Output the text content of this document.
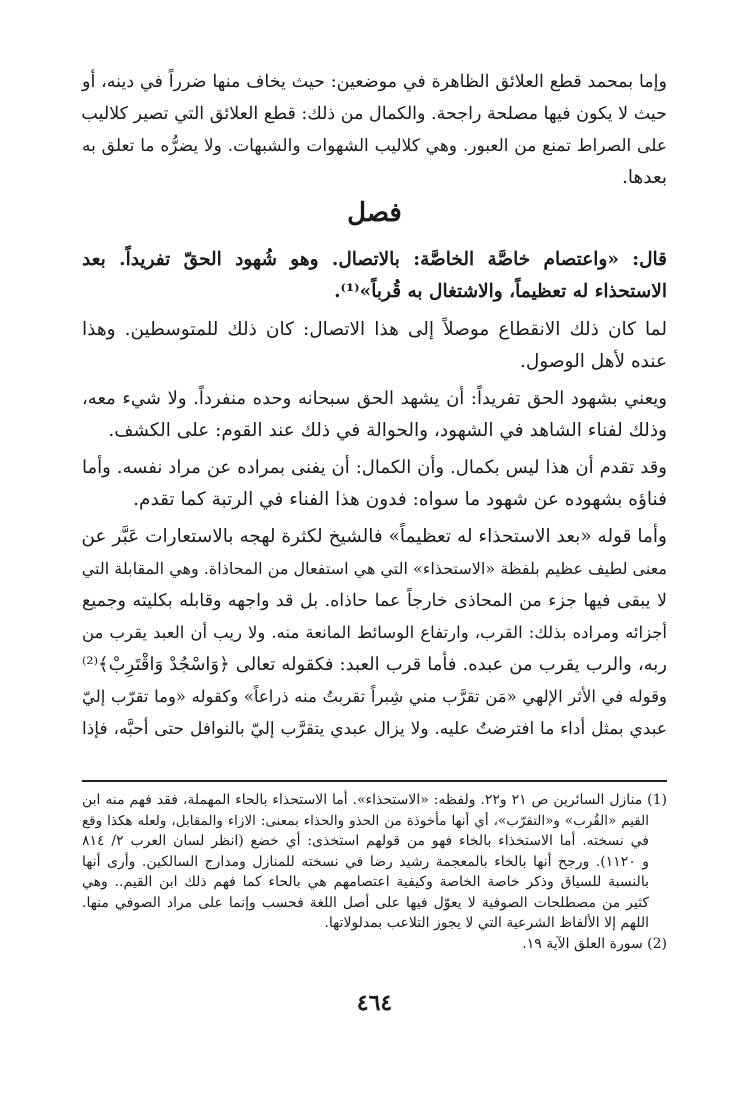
وإما بمحمد قطع العلائق الظاهرة في موضعين: حيث يخاف منها ضرراً في دينه، أو
حيث لا يكون فيها مصلحة راجحة. والكمال من ذلك: قطع العلائق التي تصير كلاليب
على الصراط تمنع من العبور. وهي كلاليب الشهوات والشبهات. ولا يضرُّه ما تعلق به
بعدها.
فصل
قال: «واعتصام خاصَّة الخاصَّة: بالاتصال. وهو شُهود الحقّ تفريداً. بعد
الاستحذاء له تعظيماً، والاشتغال به قُرباً»⁽¹⁾.
لما كان ذلك الانقطاع موصلاً إلى هذا الاتصال: كان ذلك للمتوسطين. وهذا
عنده لأهل الوصول.
ويعني بشهود الحق تفريداً: أن يشهد الحق سبحانه وحده منفرداً. ولا شيء معه،
وذلك لفناء الشاهد في الشهود، والحوالة في ذلك عند القوم: على الكشف.
وقد تقدم أن هذا ليس بكمال. وأن الكمال: أن يفنى بمراده عن مراد نفسه. وأما
فناؤه بشهوده عن شهود ما سواه: فدون هذا الفناء في الرتبة كما تقدم.
وأما قوله «بعد الاستحذاء له تعظيماً» فالشيخ لكثرة لهجه بالاستعارات عَبَّر عن
معنى لطيف عظيم بلفظة «الاستحذاء» التي هي استفعال من المحاذاة. وهي المقابلة التي
لا يبقى فيها جزء من المحاذى خارجاً عما حاذاه. بل قد واجهه وقابله بكليته وجميع
أجزائه ومراده بذلك: القرب، وارتفاع الوسائط المانعة منه. ولا ريب أن العبد يقرب من
ربه، والرب يقرب من عبده. فأما قرب العبد: فكقوله تعالى ﴿وَاسْجُدْ وَاقْتَرِبْ﴾⁽²⁾
وقوله في الأثر الإلهي «مَن تقرَّب مني شِبراً تقربتُ منه ذراعاً» وكقوله «وما تقرّب إليّ
عبدي بمثل أداء ما افترضتُ عليه. ولا يزال عبدي يتقرَّب إليّ بالنوافل حتى أحبَّه، فإذا
(1) منازل السائرين ص ٢١ و٢٢. ولفظه: «الاستحذاء». أما الاستحذاء بالحاء المهملة، فقد فهم منه ابن
القيم «القُرب» و«التقرّب»، أي أنها مأخوذة من الحذو والحذاء بمعنى: الازاء والمقابل، ولعله هكذا وقع
في نسخته. أما الاستخذاء بالخاء فهو من قولهم استخذى: أي خضع (انظر لسان العرب ٢/ ٨١٤
و ١١٢٠). ورجح أنها بالخاء بالمعجمة رشيد رضا في نسخته للمنازل ومدارج السالكين. وأرى أنها
بالنسبة للسياق وذكر خاصة الخاصة وكيفية اعتصامهم هي بالحاء كما فهم ذلك ابن القيم.. وهي
كثير من مصطلحات الصوفية لا يعوّل فيها على أصل اللغة فحسب وإنما على مراد الصوفي منها.
اللهم إلا الألفاظ الشرعية التي لا يجوز التلاعب بمدلولاتها.
(2) سورة العلق الآية ١٩.
٤٦٤
